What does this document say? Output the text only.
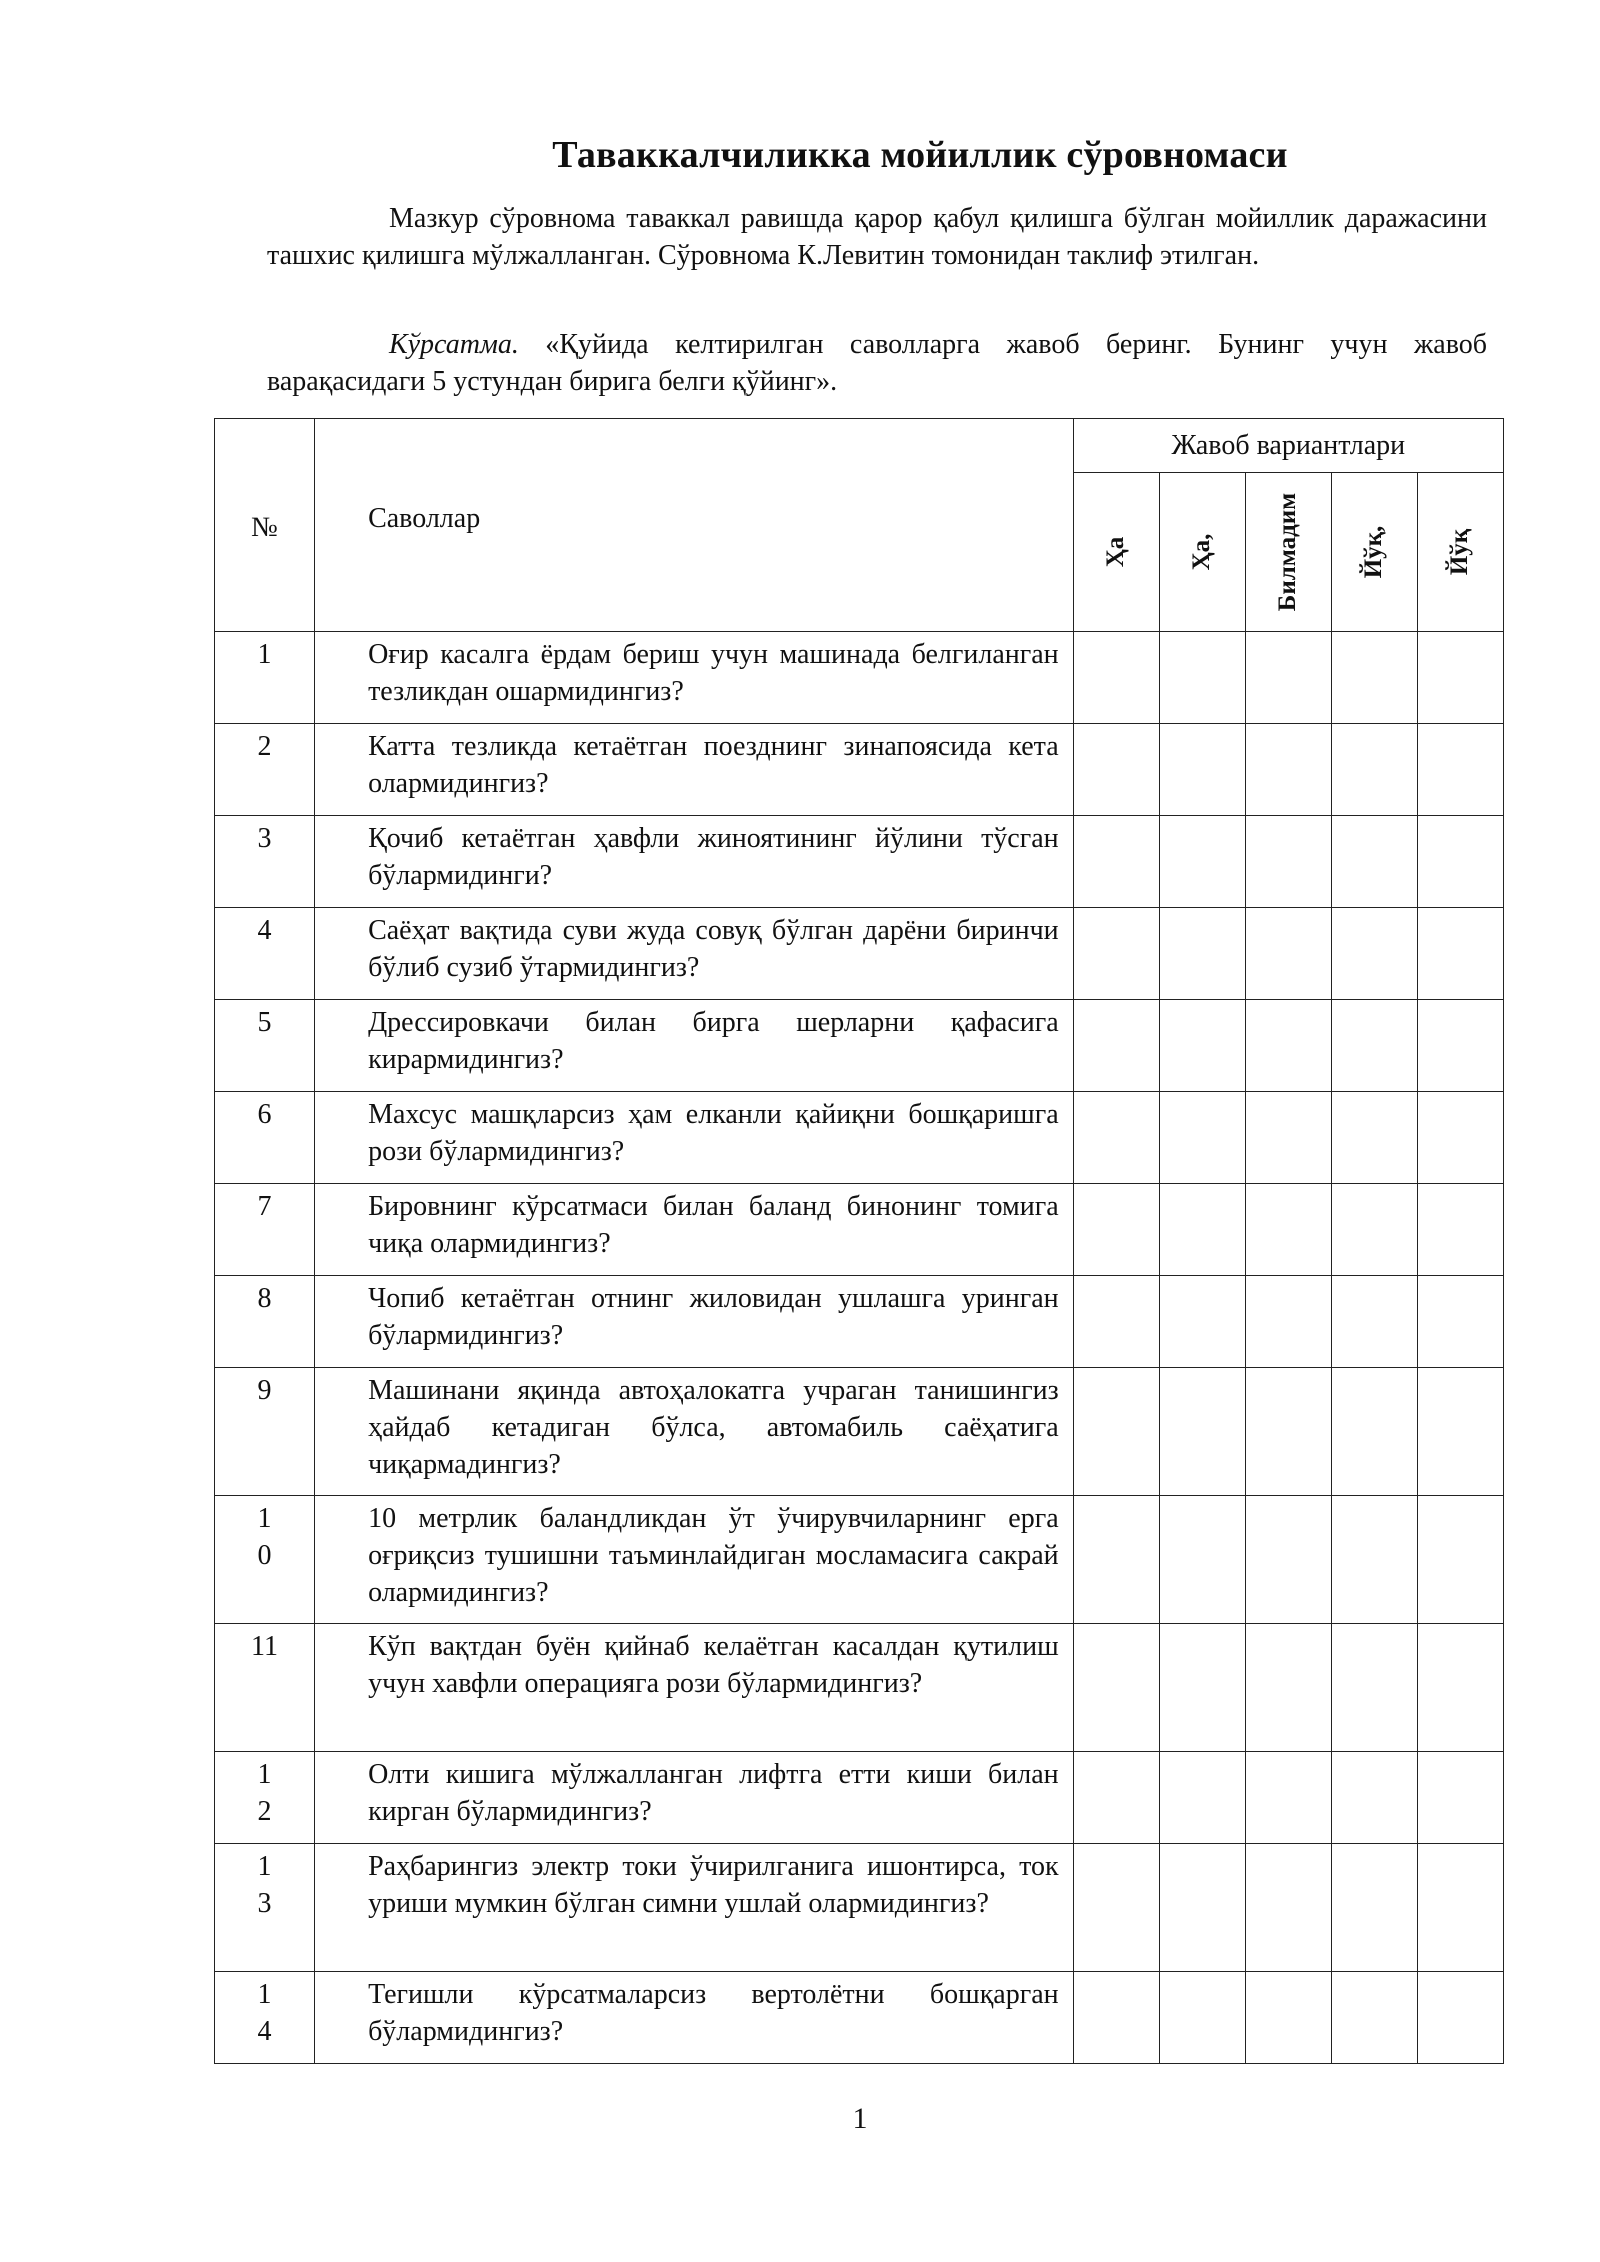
Таваккалчиликка мойиллик сўровномаси
Мазкур сўровнома таваккал равишда қарор қабул қилишга бўлган мойиллик даражасини ташхис қилишга мўлжалланган. Сўровнома К.Левитин томонидан таклиф этилган.
Кўрсатма. «Қуйида келтирилган саволларга жавоб беринг. Бунинг учун жавоб варақасидаги 5 устундан бирига белги қўйинг».
№	Саволлар	Жавоб вариантлари				

		Ҳа	Ҳа,	Билмадим	Йўқ,	Йўқ

1	Оғир касалга ёрдам бериш учун машинада белгиланган тезликдан ошармидингиз?					
2	Катта тезликда кетаётган поезднинг зинапоясида кета олармидингиз?					
3	Қочиб кетаётган ҳавфли жиноятининг йўлини тўсган бўлармидинги?					
4	Саёҳат вақтида суви жуда совуқ бўлган дарёни биринчи бўлиб сузиб ўтармидингиз?					
5	Дрессировкачи билан бирга шерларни қафасига кирармидингиз?					
6	Махсус машқларсиз ҳам елканли қайиқни бошқаришга рози бўлармидингиз?					
7	Бировнинг кўрсатмаси билан баланд бинонинг томига чиқа олармидингиз?					
8	Чопиб кетаётган отнинг жиловидан ушлашга уринган бўлармидингиз?					
9	Машинани яқинда автоҳалокатга учраган танишингиз ҳайдаб кетадиган бўлса, автомабиль саёҳатига чиқармадингиз?					
10	10 метрлик баландликдан ўт ўчирувчиларнинг ерга оғриқсиз тушишни таъминлайдиган мосламасига сакрай олармидингиз?					
11	Кўп вақтдан буён қийнаб келаётган касалдан қутилиш учун хавфли операцияга рози бўлармидингиз?					
12	Олти кишига мўлжалланган лифтга етти киши билан кирган бўлармидингиз?					
13	Раҳбарингиз электр токи ўчирилганига ишонтирса, ток уриши мумкин бўлган симни ушлай олармидингиз?					
14	Тегишли кўрсатмаларсиз вертолётни бошқарган бўлармидингиз?					
1
